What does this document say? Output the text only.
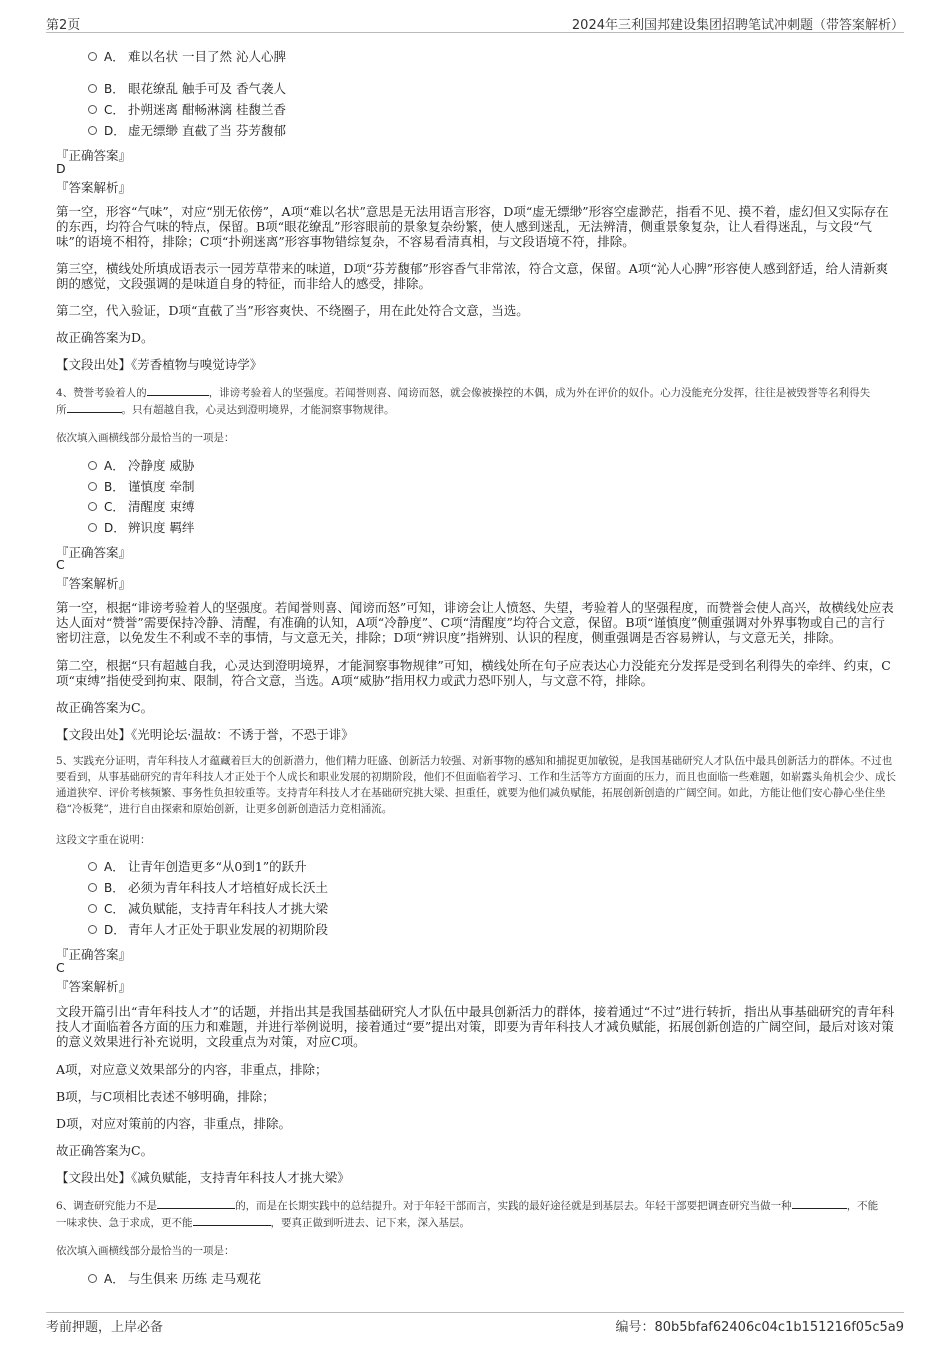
第2页	2024年三利国邦建设集团招聘笔试冲刺题（带答案解析）
A． 难以名状 一目了然 沁人心脾
B． 眼花缭乱 触手可及 香气袭人
C． 扑朔迷离 酣畅淋漓 桂馥兰香
D． 虚无缥缈 直截了当 芬芳馥郁
『正确答案』
D
『答案解析』
第一空，形容“气味”，对应“别无依傍”，A项“难以名状”意思是无法用语言形容，D项“虚无缥缈”形容空虚渺茫，指看不见、摸不着，虚幻但又实际存在的东西，均符合气味的特点，保留。B项“眼花缭乱”形容眼前的景象复杂纷繁，使人感到迷乱，无法辨清，侧重景象复杂，让人看得迷乱，与文段“气味”的语境不相符，排除；C项“扑朔迷离”形容事物错综复杂，不容易看清真相，与文段语境不符，排除。
第三空，横线处所填成语表示一园芳草带来的味道，D项“芬芳馥郁”形容香气非常浓，符合文意，保留。A项“沁人心脾”形容使人感到舒适，给人清新爽朗的感觉，文段强调的是味道自身的特征，而非给人的感受，排除。
第二空，代入验证，D项“直截了当”形容爽快、不绕圈子，用在此处符合文意，当选。
故正确答案为D。
【文段出处】《芳香植物与嗅觉诗学》
4、赞誉考验着人的	，诽谤考验着人的坚强度。若闻誉则喜、闻谤而怒，就会像被操控的木偶，成为外在评价的奴仆。心力没能充分发挥，往往是被毁誉等名利得失
所	。只有超越自我，心灵达到澄明境界，才能洞察事物规律。
依次填入画横线部分最恰当的一项是：
A． 冷静度 威胁
B． 谨慎度 牵制
C． 清醒度 束缚
D． 辨识度 羁绊
『正确答案』
C
『答案解析』
第一空，根据“诽谤考验着人的坚强度。若闻誉则喜、闻谤而怒”可知，诽谤会让人愤怒、失望，考验着人的坚强程度，而赞誉会使人高兴，故横线处应表达人面对“赞誉”需要保持冷静、清醒，有准确的认知，A项“冷静度”、C项“清醒度”均符合文意，保留。B项“谨慎度”侧重强调对外界事物或自己的言行密切注意，以免发生不利或不幸的事情，与文意无关，排除；D项“辨识度”指辨别、认识的程度，侧重强调是否容易辨认，与文意无关，排除。
第二空，根据“只有超越自我，心灵达到澄明境界，才能洞察事物规律”可知，横线处所在句子应表达心力没能充分发挥是受到名利得失的牵绊、约束，C项“束缚”指使受到拘束、限制，符合文意，当选。A项“威胁”指用权力或武力恐吓别人，与文意不符，排除。
故正确答案为C。
【文段出处】《光明论坛·温故：不诱于誉，不恐于诽》
5、实践充分证明，青年科技人才蕴藏着巨大的创新潜力，他们精力旺盛、创新活力较强、对新事物的感知和捕捉更加敏锐，是我国基础研究人才队伍中最具创新活力的群体。不过也要看到，从事基础研究的青年科技人才正处于个人成长和职业发展的初期阶段，他们不但面临着学习、工作和生活等方方面面的压力，而且也面临一些难题，如崭露头角机会少、成长通道狭窄、评价考核频繁、事务性负担较重等。支持青年科技人才在基础研究挑大梁、担重任，就要为他们减负赋能，拓展创新创造的广阔空间。如此，方能让他们安心静心坐住坐稳“冷板凳”，进行自由探索和原始创新，让更多创新创造活力竞相涌流。
这段文字重在说明：
A． 让青年创造更多“从0到1”的跃升
B． 必须为青年科技人才培植好成长沃土
C． 减负赋能，支持青年科技人才挑大梁
D． 青年人才正处于职业发展的初期阶段
『正确答案』
C
『答案解析』
文段开篇引出“青年科技人才”的话题，并指出其是我国基础研究人才队伍中最具创新活力的群体，接着通过“不过”进行转折，指出从事基础研究的青年科技人才面临着各方面的压力和难题，并进行举例说明，接着通过“要”提出对策，即要为青年科技人才减负赋能，拓展创新创造的广阔空间，最后对该对策的意义效果进行补充说明，文段重点为对策，对应C项。
A项，对应意义效果部分的内容，非重点，排除；
B项，与C项相比表述不够明确，排除；
D项，对应对策前的内容，非重点，排除。
故正确答案为C。
【文段出处】《减负赋能，支持青年科技人才挑大梁》
6、调查研究能力不是	的，而是在长期实践中的总结提升。对于年轻干部而言，实践的最好途径就是到基层去。年轻干部要把调查研究当做一种	，不能
一味求快、急于求成，更不能	，要真正做到听进去、记下来，深入基层。
依次填入画横线部分最恰当的一项是：
A． 与生俱来 历练 走马观花
考前押题，上岸必备	编号：80b5bfaf62406c04c1b151216f05c5a9
